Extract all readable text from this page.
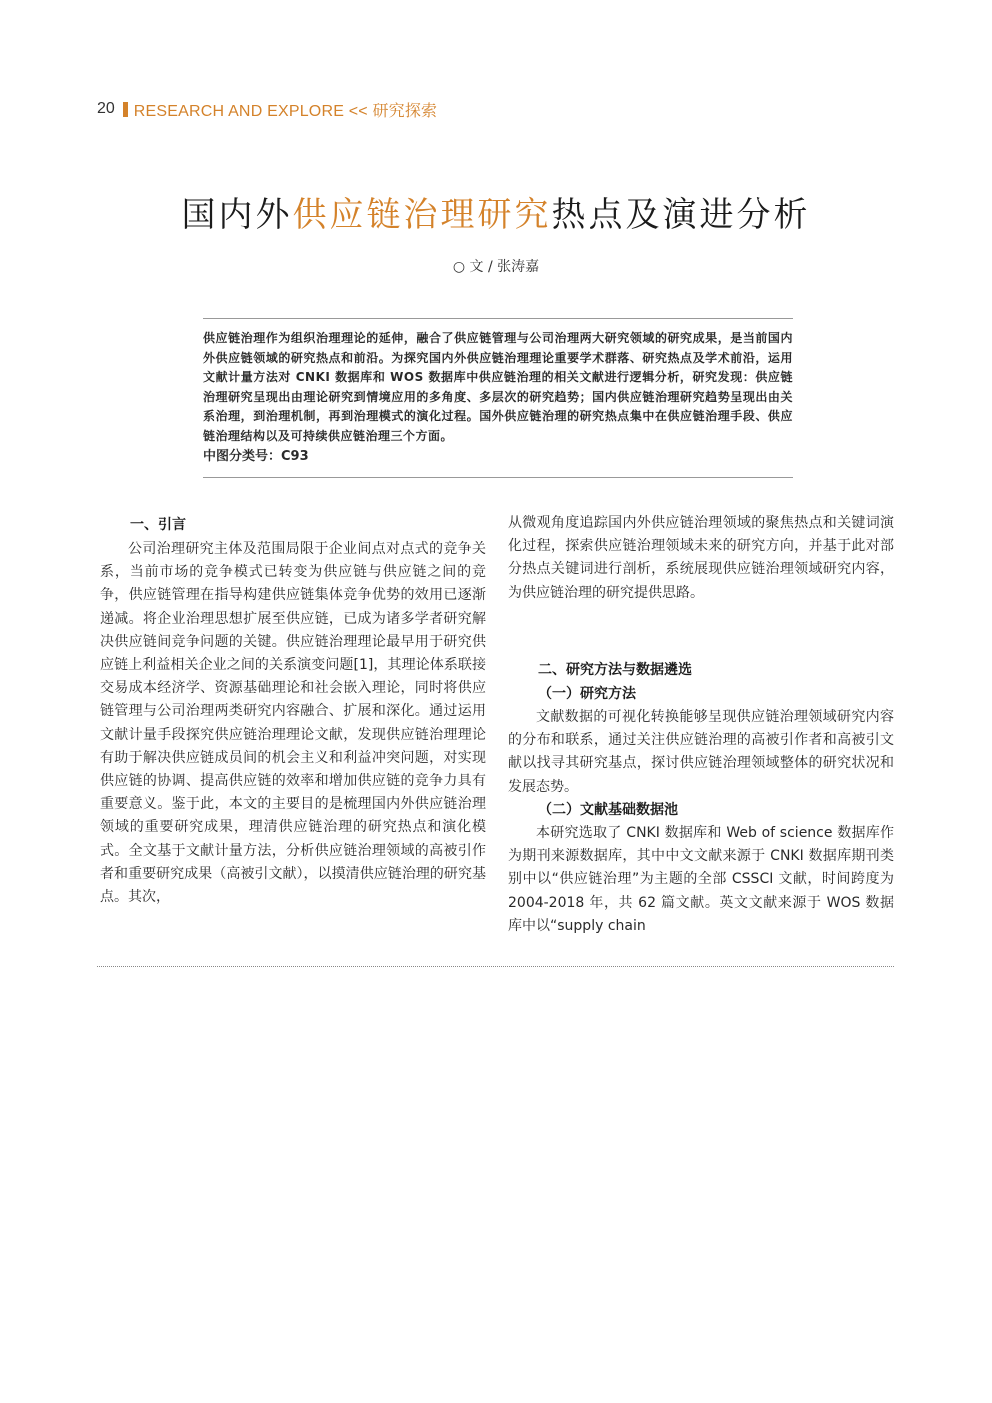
20 RESEARCH AND EXPLORE << 研究探索
国内外供应链治理研究热点及演进分析
○ 文 / 张涛嘉

供应链治理作为组织治理理论的延伸，融合了供应链管理与公司治理两大研究领域的研究成果，是当前国内外供应链领域的研究热点和前沿。为探究国内外供应链治理理论重要学术群落、研究热点及学术前沿，运用文献计量方法对 CNKI 数据库和 WOS 数据库中供应链治理的相关文献进行逻辑分析，研究发现：供应链治理研究呈现出由理论研究到情境应用的多角度、多层次的研究趋势；国内供应链治理研究趋势呈现出由关系治理，到治理机制，再到治理模式的演化过程。国外供应链治理的研究热点集中在供应链治理手段、供应链治理结构以及可持续供应链治理三个方面。

中图分类号：C93

一、引言

公司治理研究主体及范围局限于企业间点对点式的竞争关系，当前市场的竞争模式已转变为供应链与供应链之间的竞争，供应链管理在指导构建供应链集体竞争优势的效用已逐渐递减。将企业治理思想扩展至供应链，已成为诸多学者研究解决供应链间竞争问题的关键。供应链治理理论最早用于研究供应链上利益相关企业之间的关系演变问题[1]，其理论体系联接交易成本经济学、资源基础理论和社会嵌入理论，同时将供应链管理与公司治理两类研究内容融合、扩展和深化。通过运用文献计量手段探究供应链治理理论文献，发现供应链治理理论有助于解决供应链成员间的机会主义和利益冲突问题，对实现供应链的协调、提高供应链的效率和增加供应链的竞争力具有重要意义。鉴于此，本文的主要目的是梳理国内外供应链治理领域的重要研究成果，理清供应链治理的研究热点和演化模式。全文基于文献计量方法，分析供应链治理领域的高被引作者和重要研究成果（高被引文献），以摸清供应链治理的研究基点。其次，

从微观角度追踪国内外供应链治理领域的聚焦热点和关键词演化过程，探索供应链治理领域未来的研究方向，并基于此对部分热点关键词进行剖析，系统展现供应链治理领域研究内容，为供应链治理的研究提供思路。

二、研究方法与数据遴选

（一）研究方法

文献数据的可视化转换能够呈现供应链治理领域研究内容的分布和联系，通过关注供应链治理的高被引作者和高被引文献以找寻其研究基点，探讨供应链治理领域整体的研究状况和发展态势。

（二）文献基础数据池

本研究选取了 CNKI 数据库和 Web of science 数据库作为期刊来源数据库，其中中文文献来源于 CNKI 数据库期刊类别中以“供应链治理”为主题的全部 CSSCI 文献，时间跨度为 2004-2018 年，共 62 篇文献。英文文献来源于 WOS 数据库中以“supply chain
